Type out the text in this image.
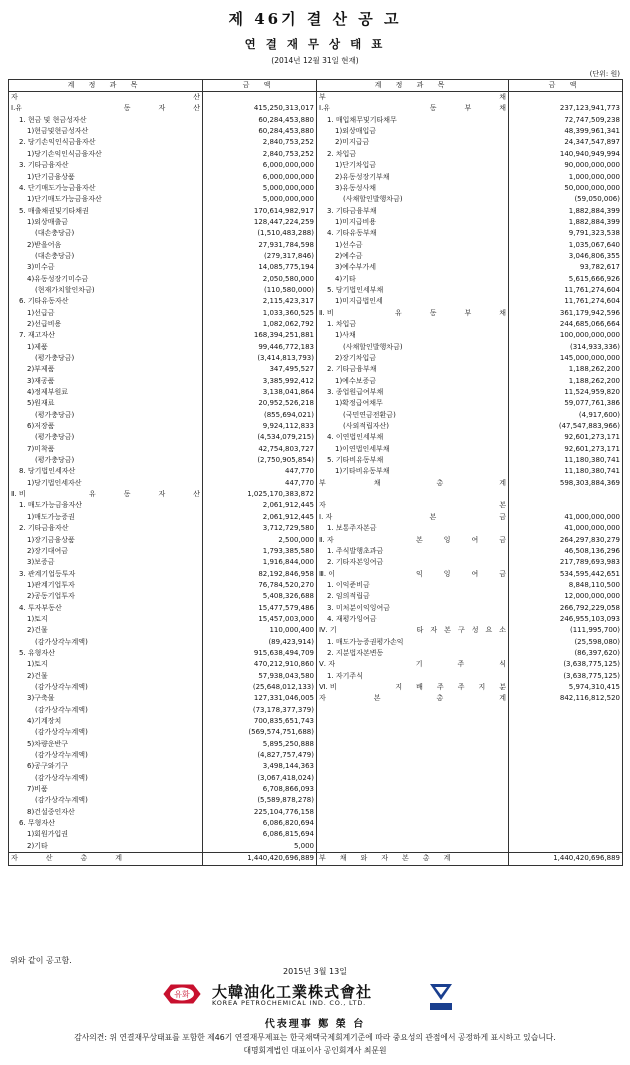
제 46기 결 산 공 고
연 결 재 무 상 태 표
(2014년 12월 31일 현재)
(단위: 원)
계 정 과 목	금 액	계 정 과 목	금 액

자 산		부 채	

Ⅰ.유 동　　　　자　　　　산	415,250,313,017	Ⅰ.유 동　　　　부　　　　채	237,123,941,773
1. 현금 및 현금성자산	60,284,453,880	1. 매입채무및기타채무	72,747,509,238
1)현금및현금성자산	60,284,453,880	1)외상매입금	48,399,961,341
2. 당기손익인식금융자산	2,840,753,252	2)미지급금	24,347,547,897
1)당기손익인식금융자산	2,840,753,252	2. 차입금	140,940,949,994
3. 기타금융자산	6,000,000,000	1)단기차입금	90,000,000,000
1)단기금융상품	6,000,000,000	2)유동성장기부채	1,000,000,000
4. 단기매도가능금융자산	5,000,000,000	3)유동성사채	50,000,000,000
1)단기매도가능금융자산	5,000,000,000	(사채할인발행차금)	(59,050,006)
5. 매출채권및기타채권	170,614,982,917	3. 기타금융부채	1,882,884,399
1)외상매출금	128,447,224,259	1)미지급비용	1,882,884,399
(대손충당금)	(1,510,483,288)	4. 기타유동부채	9,791,323,538
2)받을어음	27,931,784,598	1)선수금	1,035,067,640
(대손충당금)	(279,317,846)	2)예수금	3,046,806,355
3)미수금	14,085,775,194	3)예수부가세	93,782,617
4)유동성장기미수금	2,050,580,000	4)기타	5,615,666,926
(현재가치할인차금)	(110,580,000)	5. 당기법인세부채	11,761,274,604
6. 기타유동자산	2,115,423,317	1)미지급법인세	11,761,274,604
1)선급금	1,033,360,525	Ⅱ. 비 유　　　　동　　　　부　　　　채	361,179,942,596
2)선급비용	1,082,062,792	1. 차입금	244,685,066,664
7. 재고자산	168,394,251,881	1)사채	100,000,000,000
1)제품	99,446,772,183	(사채할인발행차금)	(314,933,336)
(평가충당금)	(3,414,813,793)	2)장기차입금	145,000,000,000
2)부제품	347,495,527	2. 기타금융부채	1,188,262,200
3)재공품	3,385,992,412	1)예수보증금	1,188,262,200
4)정제부원료	3,138,041,864	3. 종업원급여부채	11,524,959,820
5)원재료	20,952,526,218	1)확정급여채무	59,077,761,386
(평가충당금)	(855,694,021)	(국민연금전환금)	(4,917,600)
6)저장품	9,924,112,833	(사외적립자산)	(47,547,883,966)
(평가충당금)	(4,534,079,215)	4. 이연법인세부채	92,601,273,171
7)미착품	42,754,803,727	1)이연법인세부채	92,601,273,171
(평가충당금)	(2,750,905,854)	5. 기타비유동부채	11,180,380,741
8. 당기법인세자산	447,770	1)기타비유동부채	11,180,380,741
1)당기법인세자산	447,770	부 채　　　　　　　　총　　　　　　　　계	598,303,884,369

Ⅱ. 비 유　　　　동　　　　자　　　　산	1,025,170,383,872		
1. 매도가능금융자산	2,061,912,445	자 본	

1)매도가능증권	2,061,912,445	Ⅰ. 자 본　　　　　　　　　금	41,000,000,000
2. 기타금융자산	3,712,729,580	1. 보통주자본금	41,000,000,000
1)장기금융상품	2,500,000	Ⅱ. 자 본　　　잉　　　여　　　금	264,297,830,279
2)장기대여금	1,793,385,580	1. 주식발행초과금	46,508,136,296
3)보증금	1,916,844,000	2. 기타자본잉여금	217,789,693,983
3. 관계기업등투자	82,192,846,958	Ⅲ. 이 익　　　잉　　　여　　　금	534,595,442,651
1)관계기업투자	76,784,520,270	1. 이익준비금	8,848,110,500
2)공동기업투자	5,408,326,688	2. 임의적립금	12,000,000,000
4. 투자부동산	15,477,579,486	3. 미처분이익잉여금	266,792,229,058
1)토지	15,457,003,000	4. 재평가잉여금	246,955,103,093
2)건물	110,000,400	Ⅳ. 기 타　자　본　구　성　요　소	(111,995,700)
(감가상각누계액)	(89,423,914)	1. 매도가능증권평가손익	(25,598,080)
5. 유형자산	915,638,494,709	2. 지분법자본변동	(86,397,620)
1)토지	470,212,910,860	Ⅴ. 자 기　　　　　주　　　　　식	(3,638,775,125)
2)건물	57,938,043,580	1. 자기주식	(3,638,775,125)
(감가상각누계액)	(25,648,012,133)	Ⅵ. 비 지　　배　　주　　주　　지　　분	5,974,310,415
3)구축물	127,331,046,005	자 본　　　　　　　　총　　　　　　　　계	842,116,812,520
(감가상각누계액)	(73,178,377,379)		
4)기계장치	700,835,651,743		
(감가상각누계액)	(569,574,751,688)		
5)차량운반구	5,895,250,888		
(감가상각누계액)	(4,827,757,479)		
6)공구와기구	3,498,144,363		
(감가상각누계액)	(3,067,418,024)		
7)비품	6,708,866,093		
(감가상각누계액)	(5,589,878,278)		
8)건설중인자산	225,104,776,158		
6. 무형자산	6,086,820,694		
1)회원가입권	6,086,815,694		
2)기타	5,000		
자　　　　산　　　　총　　　　계	1,440,420,696,889	부　　채　　와　　자　　본　　총　　계	1,440,420,696,889
위와 같이 공고함.
2015년 3월 13일
유화 大韓油化工業株式會社
KOREA PETROCHEMICAL IND. CO., LTD.
代表理事 鄭 榮 台
감사의견: 위 연결재무상태표를 포함한 제46기 연결재무제표는 한국채택국제회계기준에 따라 중요성의 관점에서 공정하게 표시하고 있습니다.
대명회계법인 대표이사 공인회계사 최문원
